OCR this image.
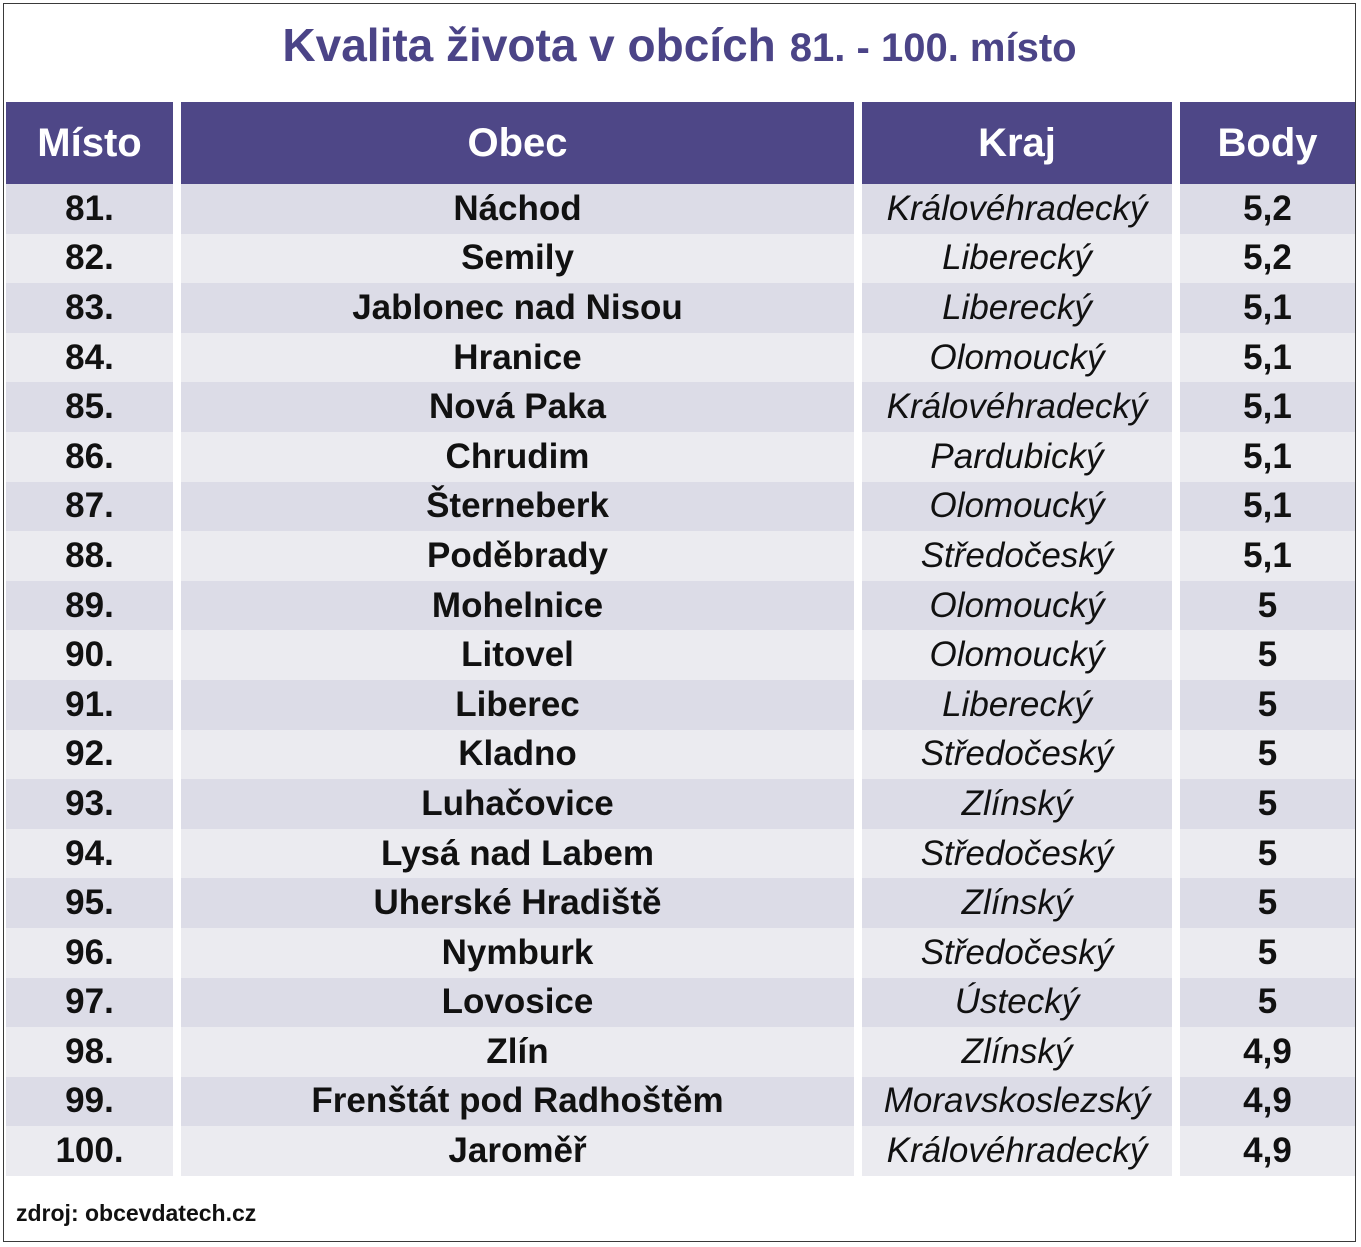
Kvalita života v obcích 81. - 100. místo
Místo	Obec	Kraj	Body
81.	Náchod	Královéhradecký	5,2
82.	Semily	Liberecký	5,2
83.	Jablonec nad Nisou	Liberecký	5,1
84.	Hranice	Olomoucký	5,1
85.	Nová Paka	Královéhradecký	5,1
86.	Chrudim	Pardubický	5,1
87.	Šterneberk	Olomoucký	5,1
88.	Poděbrady	Středočeský	5,1
89.	Mohelnice	Olomoucký	5
90.	Litovel	Olomoucký	5
91.	Liberec	Liberecký	5
92.	Kladno	Středočeský	5
93.	Luhačovice	Zlínský	5
94.	Lysá nad Labem	Středočeský	5
95.	Uherské Hradiště	Zlínský	5
96.	Nymburk	Středočeský	5
97.	Lovosice	Ústecký	5
98.	Zlín	Zlínský	4,9
99.	Frenštát pod Radhoštěm	Moravskoslezský	4,9
100.	Jaroměř	Královéhradecký	4,9
zdroj: obcevdatech.cz
